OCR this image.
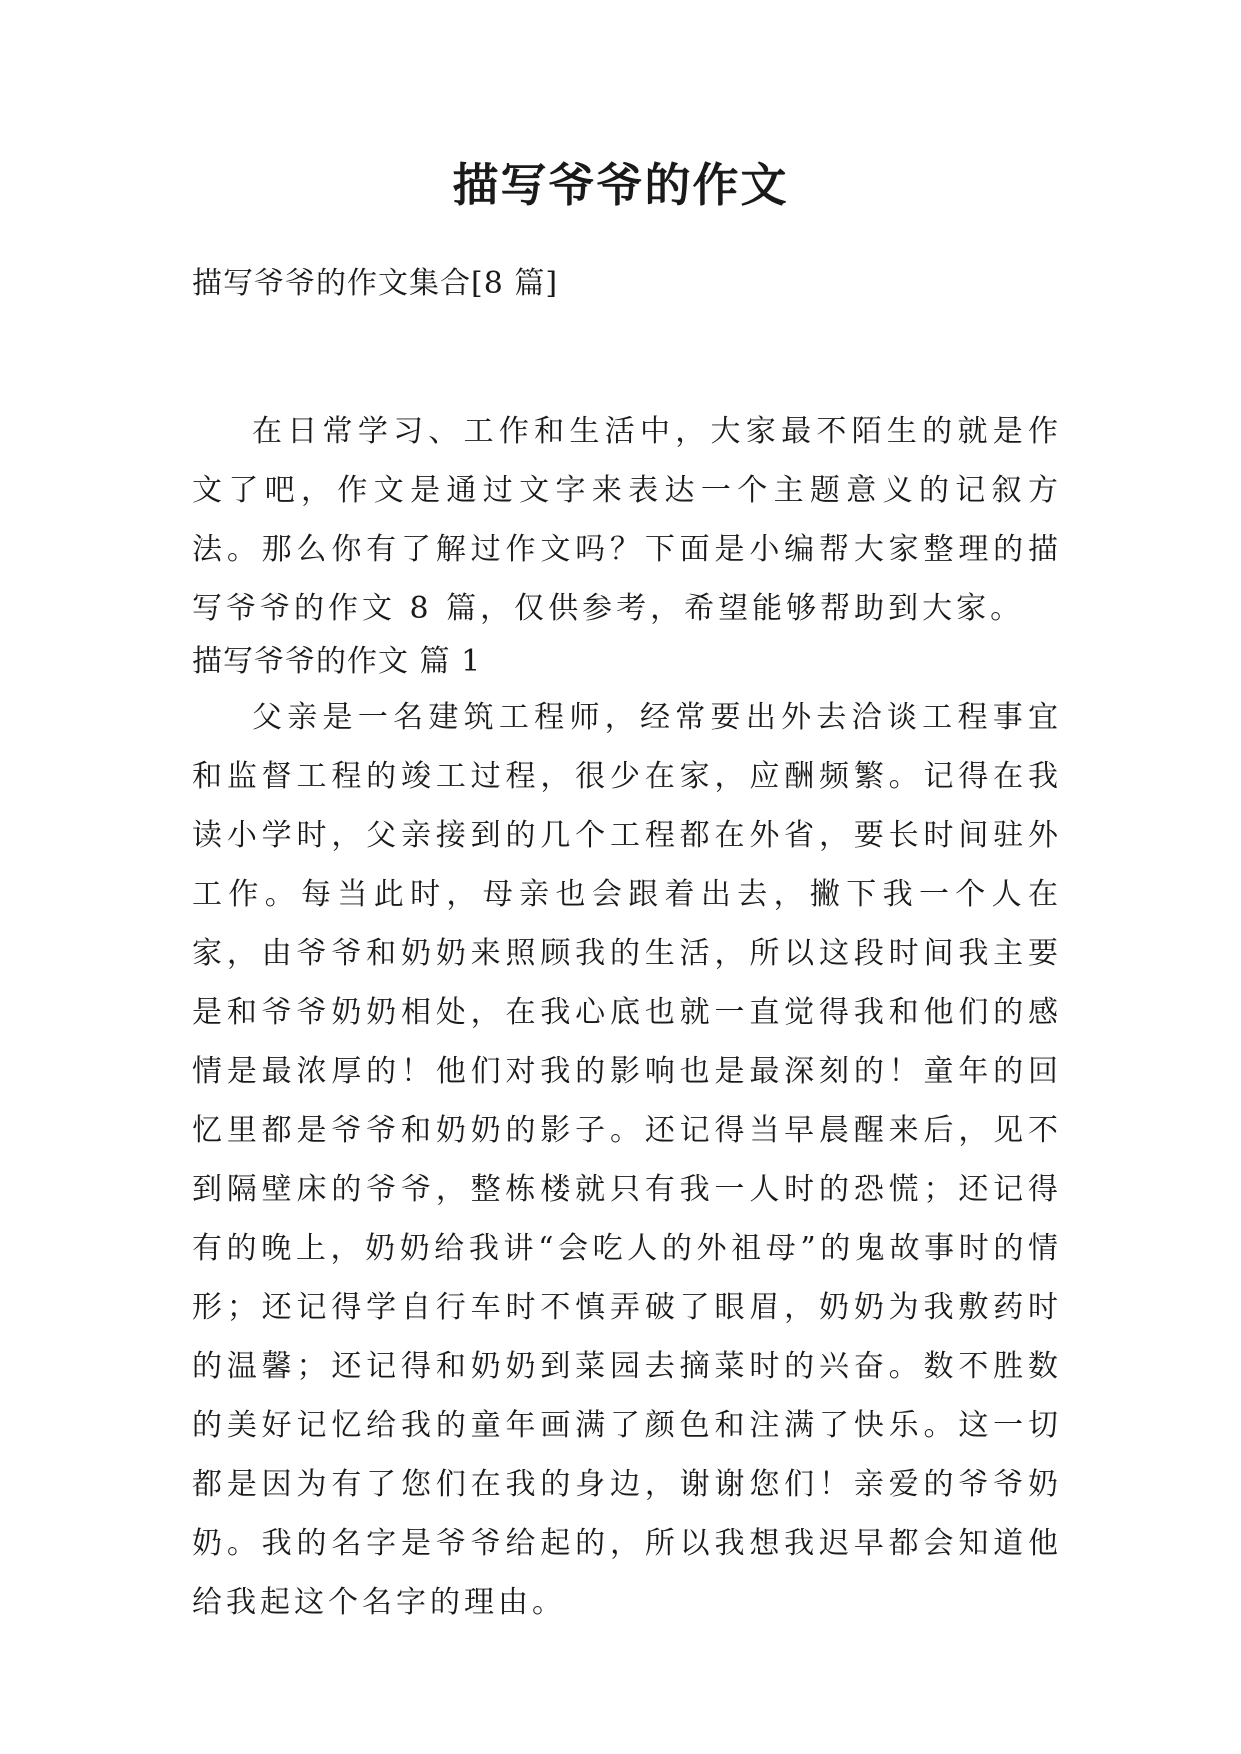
描写爷爷的作文

描写爷爷的作文集合[8 篇]

在日常学习、工作和生活中，大家最不陌生的就是作文了吧，作文是通过文字来表达一个主题意义的记叙方法。那么你有了解过作文吗？下面是小编帮大家整理的描写爷爷的作文 8 篇，仅供参考，希望能够帮助到大家。

描写爷爷的作文 篇 1

父亲是一名建筑工程师，经常要出外去洽谈工程事宜和监督工程的竣工过程，很少在家，应酬频繁。记得在我读小学时，父亲接到的几个工程都在外省，要长时间驻外工作。每当此时，母亲也会跟着出去，撇下我一个人在家，由爷爷和奶奶来照顾我的生活，所以这段时间我主要是和爷爷奶奶相处，在我心底也就一直觉得我和他们的感情是最浓厚的！他们对我的影响也是最深刻的！童年的回忆里都是爷爷和奶奶的影子。还记得当早晨醒来后，见不到隔壁床的爷爷，整栋楼就只有我一人时的恐慌；还记得有的晚上，奶奶给我讲“会吃人的外祖母”的鬼故事时的情形；还记得学自行车时不慎弄破了眼眉，奶奶为我敷药时的温馨；还记得和奶奶到菜园去摘菜时的兴奋。数不胜数的美好记忆给我的童年画满了颜色和注满了快乐。这一切都是因为有了您们在我的身边，谢谢您们！亲爱的爷爷奶奶。我的名字是爷爷给起的，所以我想我迟早都会知道他给我起这个名字的理由。
